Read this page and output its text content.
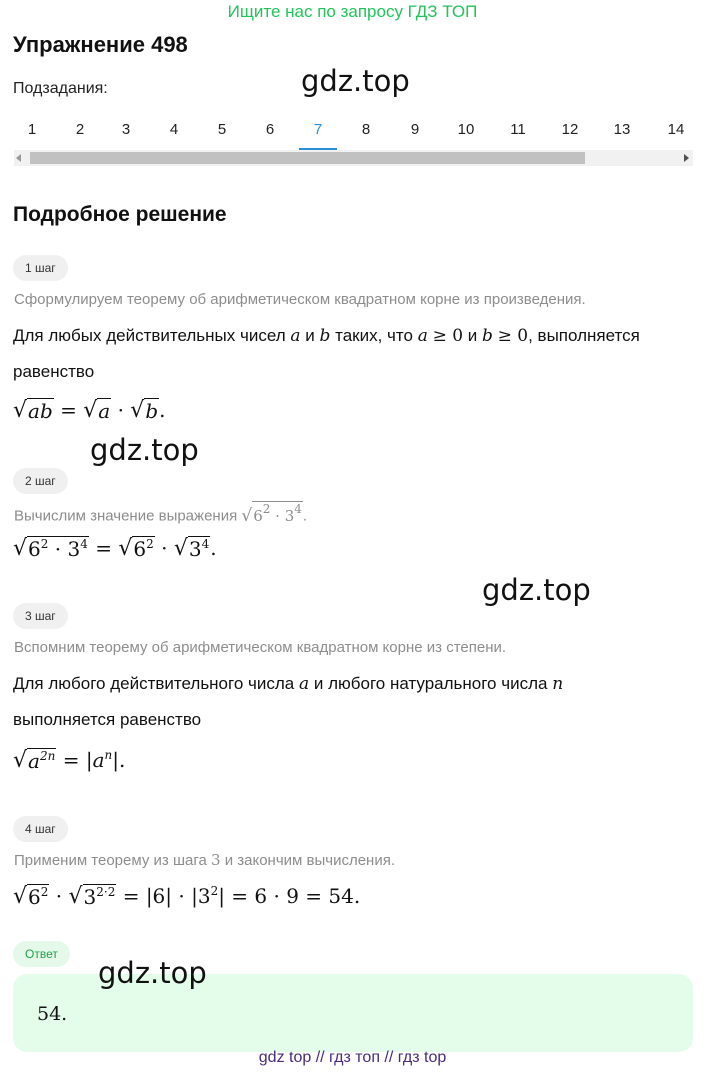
Ищите нас по запросу ГДЗ ТОП
Упражнение 498
gdz.top
Подзадания:
1	2	3	4	5	6	7	8	9	10	11	12	13	14
Подробное решение
1 шаг
Сформулируем теорему об арифметическом квадратном корне из произведения.
Для любых действительных чисел a и b таких, что a ≥ 0 и b ≥ 0, выполняется
равенство
√ ab = √ a · √ b .
gdz.top
2 шаг
Вычислим значение выражения √ $6^2 \cdot 3^4$ .
√ $6^2 \cdot 3^4$ = √ $6^2$ · √ $3^4$ .
gdz.top
3 шаг
Вспомним теорему об арифметическом квадратном корне из степени.
Для любого действительного числа a и любого натурального числа n
выполняется равенство
√ $a^{2n} = |a^n|$.
4 шаг
Применим теорему из шага 3 и закончим вычисления.
√ $6^2$ · √ $3^{2\cdot 2} = |6| \cdot |3^2| = 6 \cdot 9 = 54$.
Ответ
gdz.top
54.
gdz top // гдз топ // гдз top
